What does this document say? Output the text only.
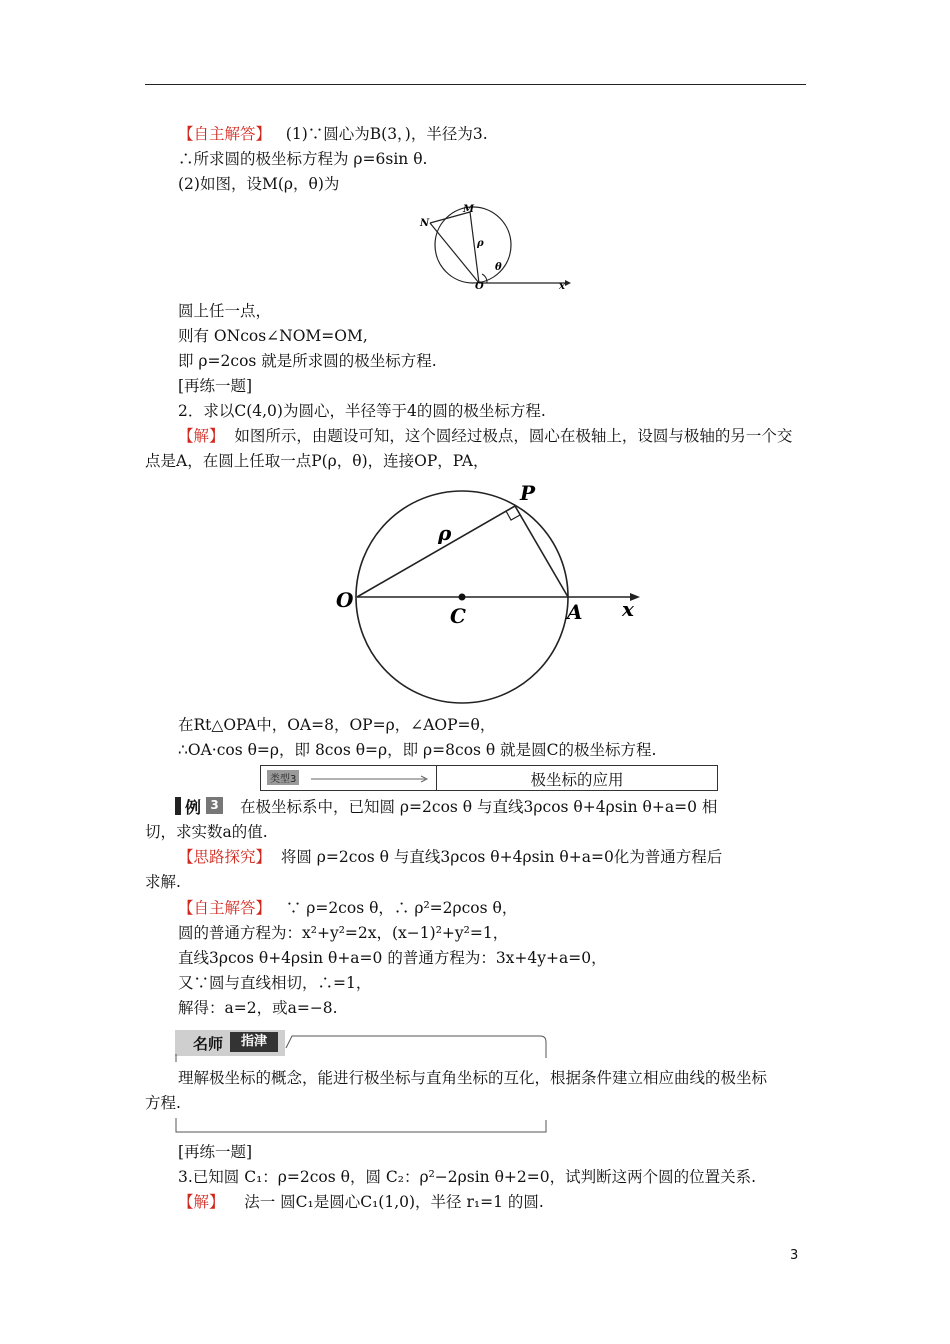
【自主解答】 (1)∵圆心为B(3，)，半径为3.
∴所求圆的极坐标方程为 ρ=6sin θ.
(2)如图，设M(ρ，θ)为
N
M
ρ
θ
O	x
圆上任一点，
则有 ONcos∠NOM=OM,
即 ρ=2cos 就是所求圆的极坐标方程.
[再练一题]
2．求以C(4,0)为圆心，半径等于4的圆的极坐标方程.
【解】 如图所示，由题设可知，这个圆经过极点，圆心在极轴上，设圆与极轴的另一个交
点是A，在圆上任取一点P(ρ，θ)，连接OP，PA，
P
ρ
O
C	A x
在Rt△OPA中，OA=8，OP=ρ，∠AOP=θ，
∴OA·cos θ=ρ，即 8cos θ=ρ，即 ρ=8cos θ 就是圆C的极坐标方程.
类型3	极坐标的应用
例 3 在极坐标系中，已知圆 ρ=2cos θ 与直线3ρcos θ+4ρsin θ+a=0 相
切，求实数a的值.
【思路探究】 将圆 ρ=2cos θ 与直线3ρcos θ+4ρsin θ+a=0化为普通方程后
求解.
【自主解答】 ∵ ρ=2cos θ，∴ ρ²=2ρcos θ，
圆的普通方程为：x²+y²=2x，(x−1)²+y²=1，
直线3ρcos θ+4ρsin θ+a=0 的普通方程为：3x+4y+a=0，
又∵圆与直线相切，∴=1，
解得：a=2，或a=−8.
名师	指津
理解极坐标的概念，能进行极坐标与直角坐标的互化，根据条件建立相应曲线的极坐标
方程.
[再练一题]
3.已知圆 C₁：ρ=2cos θ，圆 C₂：ρ²−2ρsin θ+2=0，试判断这两个圆的位置关系.
【解】 法一 圆C₁是圆心C₁(1,0)，半径 r₁=1 的圆.
3
